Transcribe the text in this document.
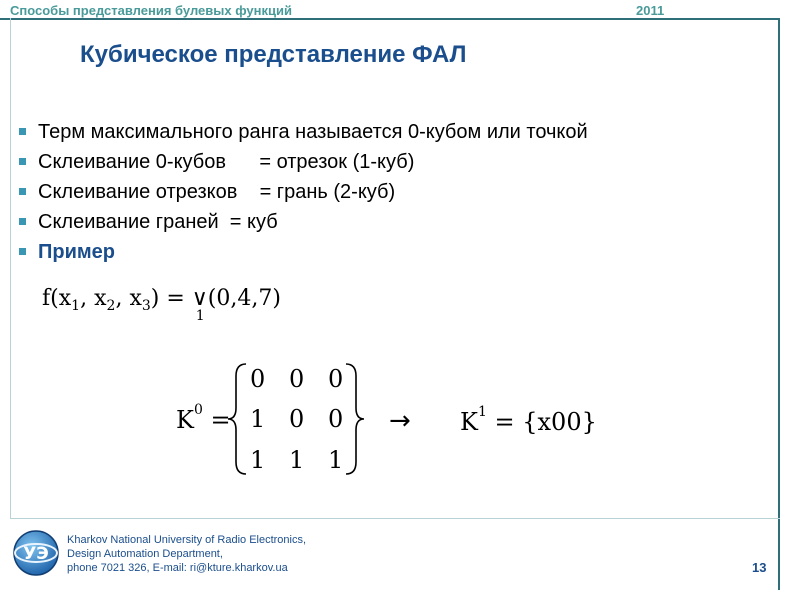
Способы представления булевых функций	2011
Кубическое представление ФАЛ
Терм максимального ранга называется 0-кубом или точкой
Склеивание 0-кубов      = отрезок (1-куб)
Склеивание отрезков    = грань (2-куб)
Склеивание граней  = куб
Пример
$f(x_1$, $x_2$, $x_3$) = ∨
1
(0,4,7)
$K^0$ =
0 0 0
1 0 0
1 1 1
→ $K^1 = \{x00\}$
УЭ
Kharkov National University of Radio Electronics,
Design Automation Department,
phone 7021 326, E-mail: ri@kture.kharkov.ua	13
